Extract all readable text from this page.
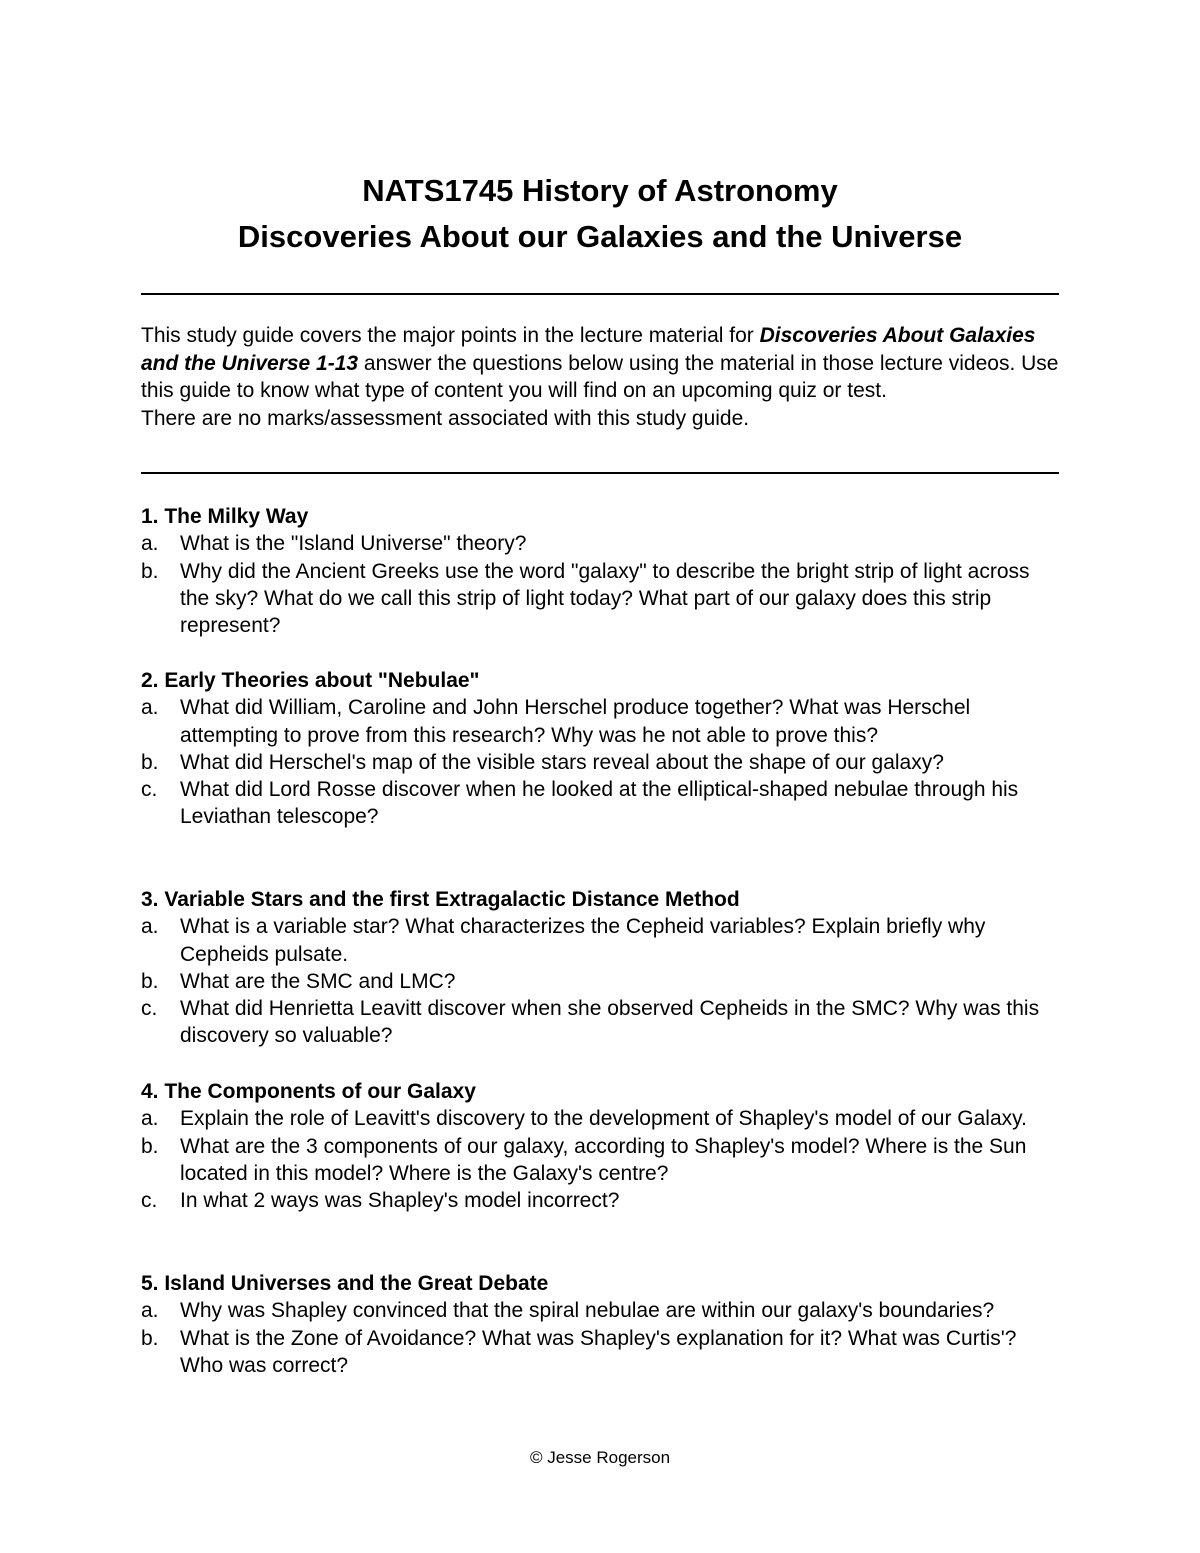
NATS1745 History of Astronomy
Discoveries About our Galaxies and the Universe

This study guide covers the major points in the lecture material for Discoveries About Galaxies and the Universe 1-13 answer the questions below using the material in those lecture videos. Use this guide to know what type of content you will find on an upcoming quiz or test.

There are no marks/assessment associated with this study guide.

1. The Milky Way

a.	What is the "Island Universe" theory?
b.	Why did the Ancient Greeks use the word "galaxy" to describe the bright strip of light across the sky? What do we call this strip of light today? What part of our galaxy does this strip represent?

2. Early Theories about "Nebulae"

a.	What did William, Caroline and John Herschel produce together? What was Herschel attempting to prove from this research? Why was he not able to prove this?
b.	What did Herschel's map of the visible stars reveal about the shape of our galaxy?
c.	What did Lord Rosse discover when he looked at the elliptical-shaped nebulae through his Leviathan telescope?

3. Variable Stars and the first Extragalactic Distance Method

a.	What is a variable star? What characterizes the Cepheid variables? Explain briefly why Cepheids pulsate.
b.	What are the SMC and LMC?
c.	What did Henrietta Leavitt discover when she observed Cepheids in the SMC? Why was this discovery so valuable?

4. The Components of our Galaxy

a.	Explain the role of Leavitt's discovery to the development of Shapley's model of our Galaxy.
b.	What are the 3 components of our galaxy, according to Shapley's model? Where is the Sun located in this model? Where is the Galaxy's centre?
c.	In what 2 ways was Shapley's model incorrect?

5. Island Universes and the Great Debate

a.	Why was Shapley convinced that the spiral nebulae are within our galaxy's boundaries?
b.	What is the Zone of Avoidance? What was Shapley's explanation for it? What was Curtis'? Who was correct?
© Jesse Rogerson
